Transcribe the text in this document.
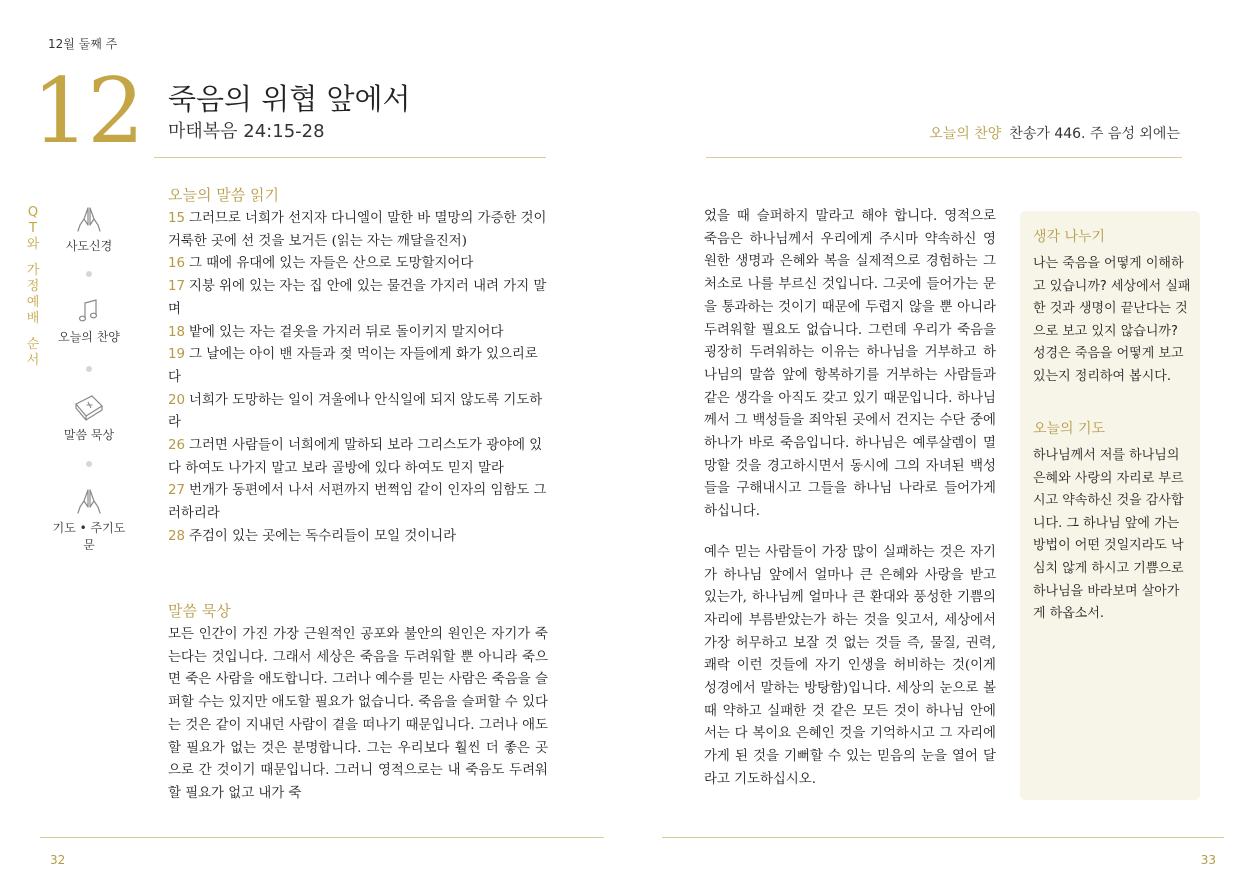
12월 둘째 주
12 죽음의 위협 앞에서
마태복음 24:15-28	오늘의 찬양 찬송가 446. 주 음성 외에는
Q
T
와
가
정
예
배
순
서
사도신경
오늘의 찬양
말씀 묵상
기도 • 주기도문
오늘의 말씀 읽기
15 그러므로 너희가 선지자 다니엘이 말한 바 멸망의 가증한 것이 거룩한 곳에 선 것을 보거든 (읽는 자는 깨달을진저)
16 그 때에 유대에 있는 자들은 산으로 도망할지어다
17 지붕 위에 있는 자는 집 안에 있는 물건을 가지러 내려 가지 말며
18 밭에 있는 자는 겉옷을 가지러 뒤로 돌이키지 말지어다
19 그 날에는 아이 밴 자들과 젖 먹이는 자들에게 화가 있으리로다
20 너희가 도망하는 일이 겨울에나 안식일에 되지 않도록 기도하라
26 그러면 사람들이 너희에게 말하되 보라 그리스도가 광야에 있다 하여도 나가지 말고 보라 골방에 있다 하여도 믿지 말라
27 번개가 동편에서 나서 서편까지 번쩍임 같이 인자의 임함도 그러하리라
28 주검이 있는 곳에는 독수리들이 모일 것이니라
말씀 묵상

모든 인간이 가진 가장 근원적인 공포와 불안의 원인은 자기가 죽는다는 것입니다. 그래서 세상은 죽음을 두려워할 뿐 아니라 죽으면 죽은 사람을 애도합니다. 그러나 예수를 믿는 사람은 죽음을 슬퍼할 수는 있지만 애도할 필요가 없습니다. 죽음을 슬퍼할 수 있다는 것은 같이 지내던 사람이 곁을 떠나기 때문입니다. 그러나 애도할 필요가 없는 것은 분명합니다. 그는 우리보다 훨씬 더 좋은 곳으로 간 것이기 때문입니다. 그러니 영적으로는 내 죽음도 두려워할 필요가 없고 내가 죽

었을 때 슬퍼하지 말라고 해야 합니다. 영적으로 죽음은 하나님께서 우리에게 주시마 약속하신 영원한 생명과 은혜와 복을 실제적으로 경험하는 그 처소로 나를 부르신 것입니다. 그곳에 들어가는 문을 통과하는 것이기 때문에 두렵지 않을 뿐 아니라 두려워할 필요도 없습니다. 그런데 우리가 죽음을 굉장히 두려워하는 이유는 하나님을 거부하고 하나님의 말씀 앞에 항복하기를 거부하는 사람들과 같은 생각을 아직도 갖고 있기 때문입니다. 하나님께서 그 백성들을 죄악된 곳에서 건지는 수단 중에 하나가 바로 죽음입니다. 하나님은 예루살렘이 멸망할 것을 경고하시면서 동시에 그의 자녀된 백성들을 구해내시고 그들을 하나님 나라로 들어가게 하십니다.

예수 믿는 사람들이 가장 많이 실패하는 것은 자기가 하나님 앞에서 얼마나 큰 은혜와 사랑을 받고 있는가, 하나님께 얼마나 큰 환대와 풍성한 기쁨의 자리에 부름받았는가 하는 것을 잊고서, 세상에서 가장 허무하고 보잘 것 없는 것들 즉, 물질, 권력, 쾌락 이런 것들에 자기 인생을 허비하는 것(이게 성경에서 말하는 방탕함)입니다. 세상의 눈으로 볼 때 약하고 실패한 것 같은 모든 것이 하나님 안에서는 다 복이요 은혜인 것을 기억하시고 그 자리에 가게 된 것을 기뻐할 수 있는 믿음의 눈을 열어 달라고 기도하십시오.

생각 나누기

나는 죽음을 어떻게 이해하고 있습니까? 세상에서 실패한 것과 생명이 끝난다는 것으로 보고 있지 않습니까? 성경은 죽음을 어떻게 보고 있는지 정리하여 봅시다.

오늘의 기도

하나님께서 저를 하나님의 은혜와 사랑의 자리로 부르시고 약속하신 것을 감사합니다. 그 하나님 앞에 가는 방법이 어떤 것일지라도 낙심치 않게 하시고 기쁨으로 하나님을 바라보며 살아가게 하옵소서.

32	33
